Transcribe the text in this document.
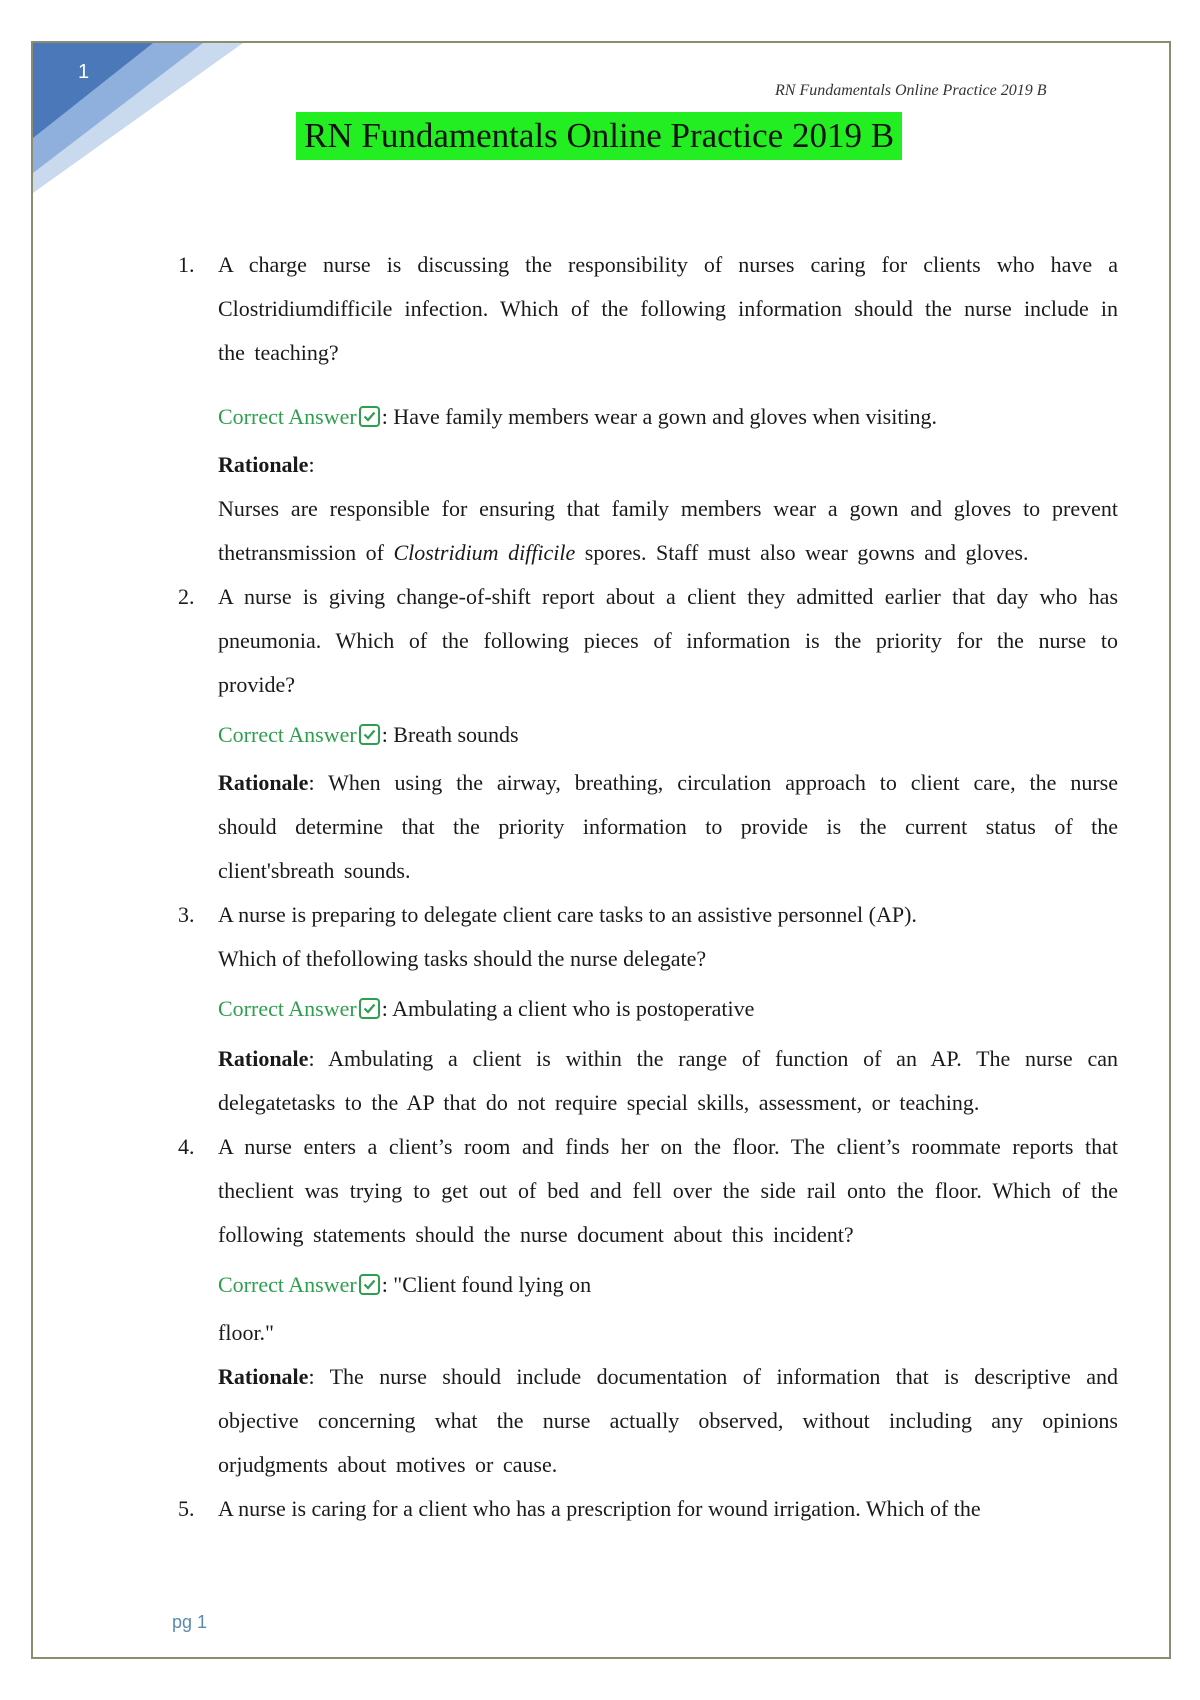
1
RN Fundamentals Online Practice 2019 B
RN Fundamentals Online Practice 2019 B
1.	A charge nurse is discussing the responsibility of nurses caring for clients who have a Clostridiumdifficile infection. Which of the following information should the nurse include in the teaching?
Correct Answer : Have family members wear a gown and gloves when visiting.
Rationale:
Nurses are responsible for ensuring that family members wear a gown and gloves to prevent thetransmission of Clostridium difficile spores. Staff must also wear gowns and gloves.
2.	A nurse is giving change-of-shift report about a client they admitted earlier that day who has pneumonia. Which of the following pieces of information is the priority for the nurse to provide?
Correct Answer : Breath sounds
Rationale: When using the airway, breathing, circulation approach to client care, the nurse should determine that the priority information to provide is the current status of the client'sbreath sounds.
3.	A nurse is preparing to delegate client care tasks to an assistive personnel (AP).
Which of thefollowing tasks should the nurse delegate?
Correct Answer : Ambulating a client who is postoperative
Rationale: Ambulating a client is within the range of function of an AP. The nurse can delegatetasks to the AP that do not require special skills, assessment, or teaching.
4.	A nurse enters a client’s room and finds her on the floor. The client’s roommate reports that theclient was trying to get out of bed and fell over the side rail onto the floor. Which of the following statements should the nurse document about this incident?
Correct Answer : "Client found lying on
floor."
Rationale: The nurse should include documentation of information that is descriptive and objective concerning what the nurse actually observed, without including any opinions orjudgments about motives or cause.
5.	A nurse is caring for a client who has a prescription for wound irrigation. Which of the
pg 1
